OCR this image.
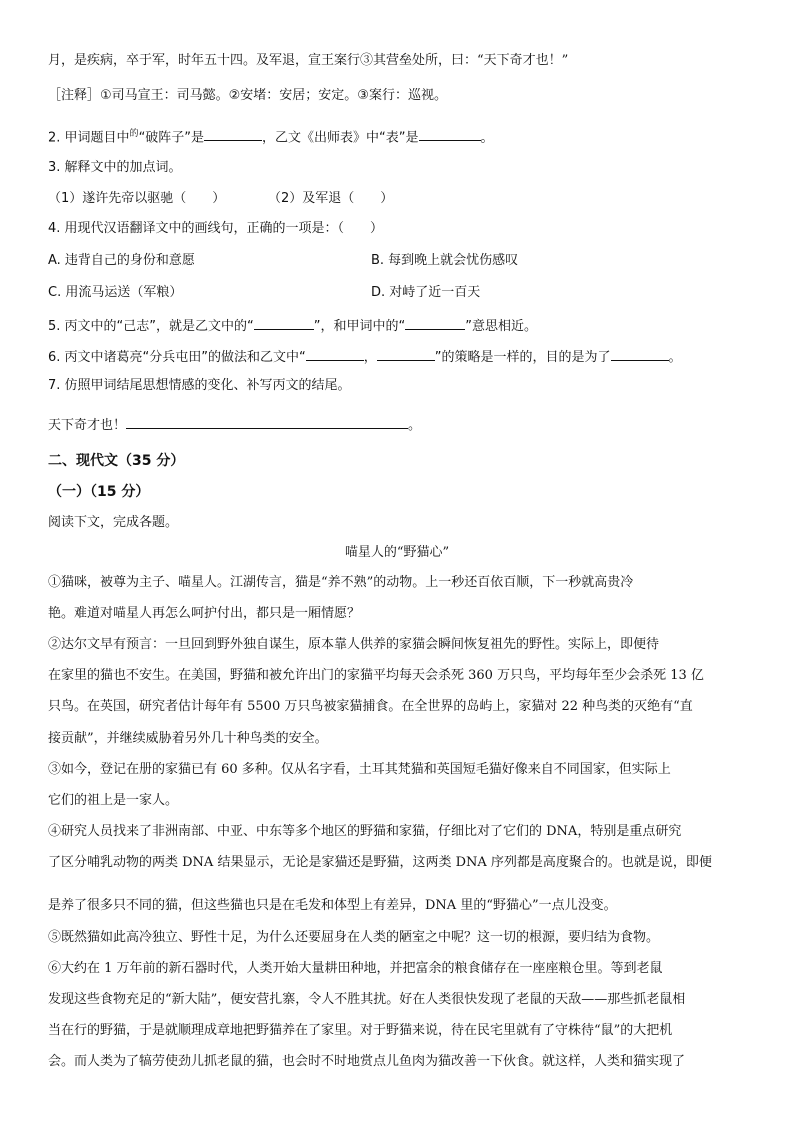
月，是疾病，卒于军，时年五十四。及军退，宣王案行③其营垒处所，曰：“天下奇才也！”
［注释］①司马宣王：司马懿。②安堵：安居；安定。③案行：巡视。
2. 甲词题目中$^的$“破阵子”是	，乙文《出师表》中“表”是	。
3. 解释文中的加点词。
（1）遂许先帝以驱驰（　　）	（2）及军退（　　）
4. 用现代汉语翻译文中的画线句，正确的一项是：（　　）
A. 违背自己的身份和意愿	B. 每到晚上就会忧伤感叹
C. 用流马运送（军粮）	D. 对峙了近一百天
5. 丙文中的“己志”，就是乙文中的“	”，和甲词中的“	”意思相近。
6. 丙文中诸葛亮“分兵屯田”的做法和乙文中“	，	”的策略是一样的，目的是为了	。
7. 仿照甲词结尾思想情感的变化、补写丙文的结尾。
天下奇才也！	。
二、现代文（35 分）
（一）（15 分）
阅读下文，完成各题。
喵星人的“野猫心”
①猫咪，被尊为主子、喵星人。江湖传言，猫是“养不熟”的动物。上一秒还百依百顺，下一秒就高贵冷
艳。难道对喵星人再怎么呵护付出，都只是一厢情愿？
②达尔文早有预言：一旦回到野外独自谋生，原本靠人供养的家猫会瞬间恢复祖先的野性。实际上，即便待
在家里的猫也不安生。在美国，野猫和被允许出门的家猫平均每天会杀死 360 万只鸟，平均每年至少会杀死 13 亿
只鸟。在英国，研究者估计每年有 5500 万只鸟被家猫捕食。在全世界的岛屿上，家猫对 22 种鸟类的灭绝有“直
接贡献”，并继续威胁着另外几十种鸟类的安全。
③如今，登记在册的家猫已有 60 多种。仅从名字看，土耳其梵猫和英国短毛猫好像来自不同国家，但实际上
它们的祖上是一家人。
④研究人员找来了非洲南部、中亚、中东等多个地区的野猫和家猫，仔细比对了它们的 DNA，特别是重点研究
了区分哺乳动物的两类 DNA 结果显示，无论是家猫还是野猫，这两类 DNA 序列都是高度聚合的。也就是说，即便
是养了很多只不同的猫，但这些猫也只是在毛发和体型上有差异，DNA 里的“野猫心”一点儿没变。
⑤既然猫如此高冷独立、野性十足，为什么还要屈身在人类的陋室之中呢？这一切的根源，要归结为食物。
⑥大约在 1 万年前的新石器时代，人类开始大量耕田种地，并把富余的粮食储存在一座座粮仓里。等到老鼠
发现这些食物充足的“新大陆”，便安营扎寨，令人不胜其扰。好在人类很快发现了老鼠的天敌——那些抓老鼠相
当在行的野猫，于是就顺理成章地把野猫养在了家里。对于野猫来说，待在民宅里就有了守株待“鼠”的大把机
会。而人类为了犒劳使劲儿抓老鼠的猫，也会时不时地赏点儿鱼肉为猫改善一下伙食。就这样，人类和猫实现了
